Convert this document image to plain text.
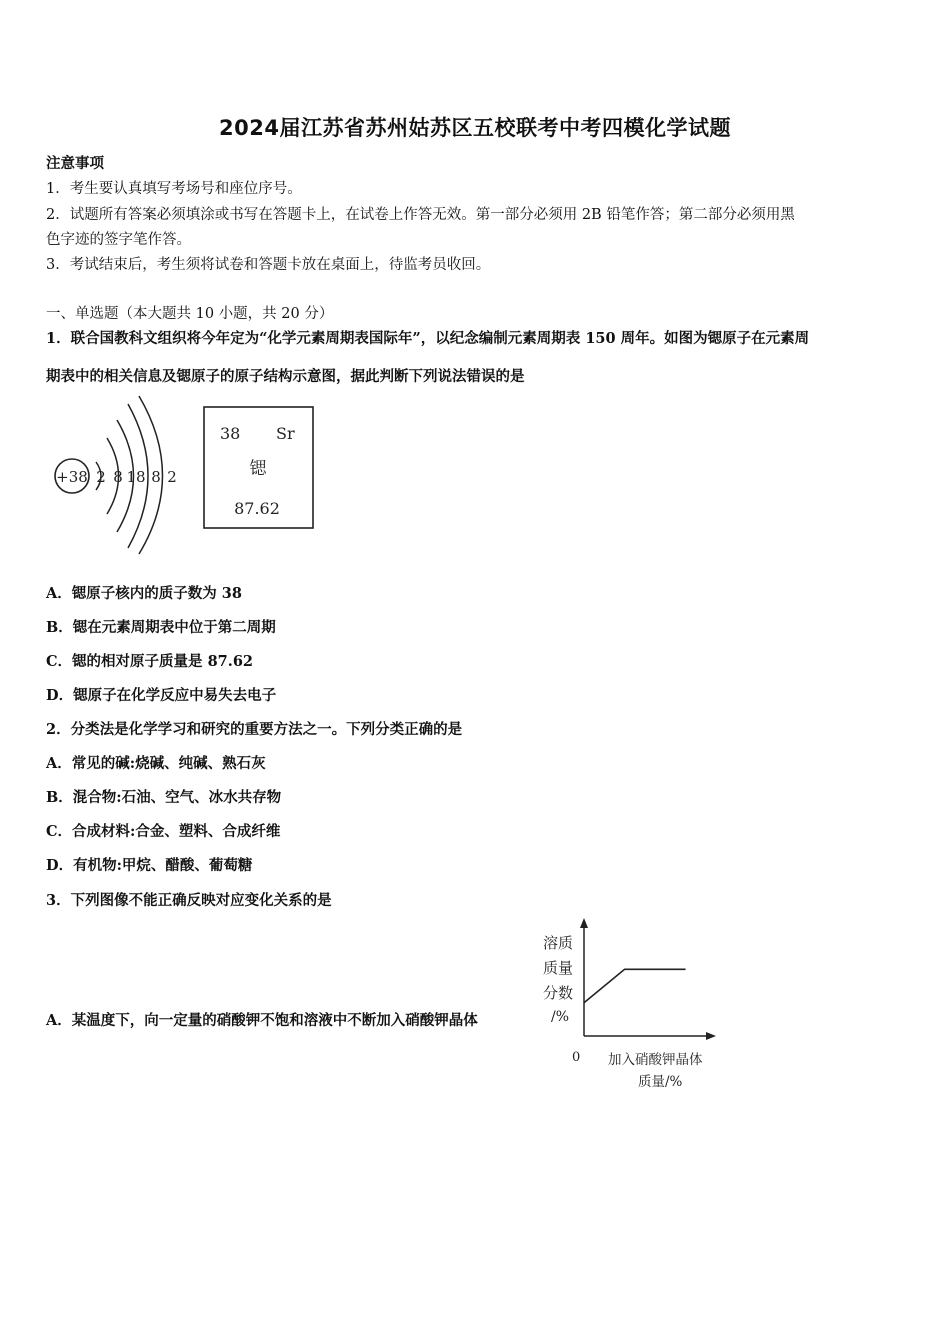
2024届江苏省苏州姑苏区五校联考中考四模化学试题
注意事项
1．考生要认真填写考场号和座位序号。
2．试题所有答案必须填涂或书写在答题卡上，在试卷上作答无效。第一部分必须用 2B 铅笔作答；第二部分必须用黑
色字迹的签字笔作答。
3．考试结束后，考生须将试卷和答题卡放在桌面上，待监考员收回。
一、单选题（本大题共 10 小题，共 20 分）
1．联合国教科文组织将今年定为“化学元素周期表国际年”，以纪念编制元素周期表 150 周年。如图为锶原子在元素周
期表中的相关信息及锶原子的原子结构示意图，据此判断下列说法错误的是
+38 2 8 18 8 2
38 Sr
锶
87.62
A．锶原子核内的质子数为 38
B．锶在元素周期表中位于第二周期
C．锶的相对原子质量是 87.62
D．锶原子在化学反应中易失去电子
2．分类法是化学学习和研究的重要方法之一。下列分类正确的是
A．常见的碱:烧碱、纯碱、熟石灰
B．混合物:石油、空气、冰水共存物
C．合成材料:合金、塑料、合成纤维
D．有机物:甲烷、醋酸、葡萄糖
3．下列图像不能正确反映对应变化关系的是
A．某温度下，向一定量的硝酸钾不饱和溶液中不断加入硝酸钾晶体
溶质
质量
分数
/%
0 加入硝酸钾晶体
质量/%
